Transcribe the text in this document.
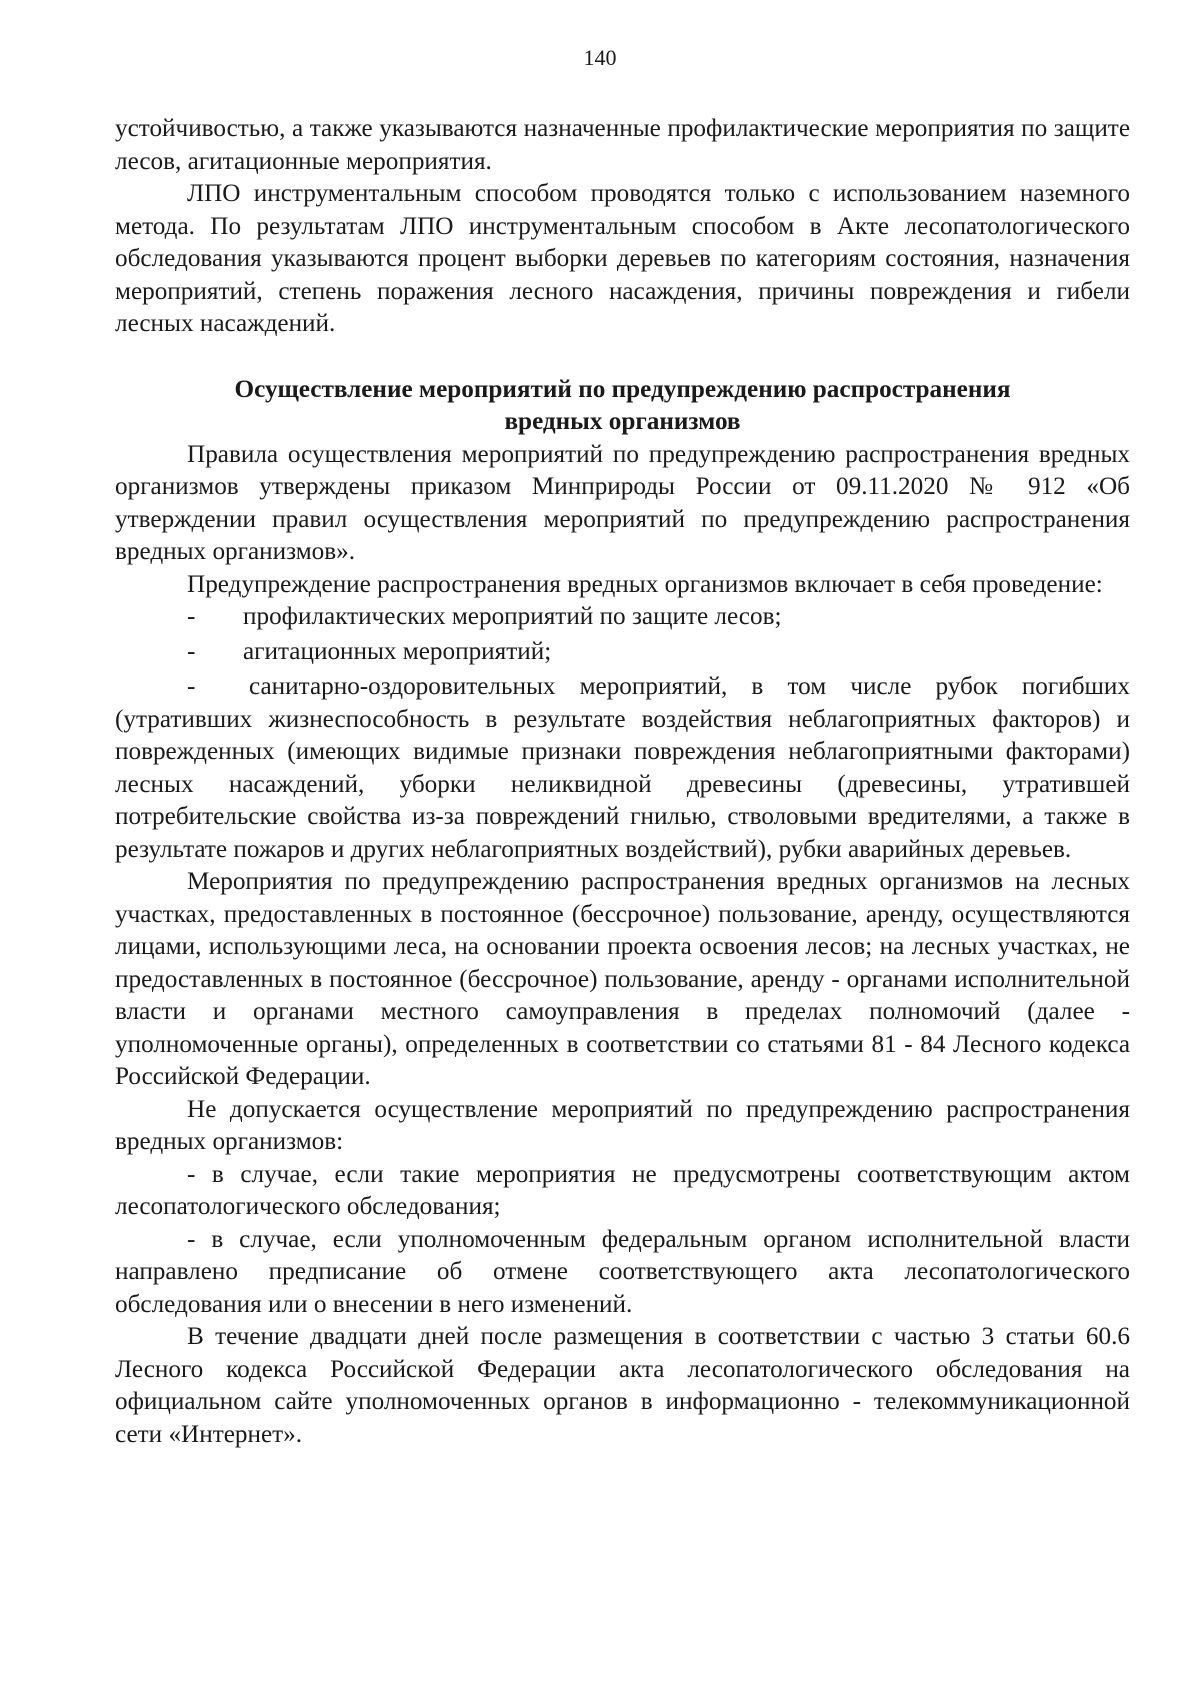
140

устойчивостью, а также указываются назначенные профилактические мероприятия по защите лесов, агитационные мероприятия.

ЛПО инструментальным способом проводятся только с использованием наземного метода. По результатам ЛПО инструментальным способом в Акте лесопатологического обследования указываются процент выборки деревьев по категориям состояния, назначения мероприятий, степень поражения лесного насаждения, причины повреждения и гибели лесных насаждений.

Осуществление мероприятий по предупреждению распространения
вредных организмов

Правила осуществления мероприятий по предупреждению распространения вредных организмов утверждены приказом Минприроды России от 09.11.2020 № 912 «Об утверждении правил осуществления мероприятий по предупреждению распространения вредных организмов».

Предупреждение распространения вредных организмов включает в себя проведение:

-	профилактических мероприятий по защите лесов;
-	агитационных мероприятий;

- санитарно-оздоровительных мероприятий, в том числе рубок погибших (утративших жизнеспособность в результате воздействия неблагоприятных факторов) и поврежденных (имеющих видимые признаки повреждения неблагоприятными факторами) лесных насаждений, уборки неликвидной древесины (древесины, утратившей потребительские свойства из-за повреждений гнилью, стволовыми вредителями, а также в результате пожаров и других неблагоприятных воздействий), рубки аварийных деревьев.

Мероприятия по предупреждению распространения вредных организмов на лесных участках, предоставленных в постоянное (бессрочное) пользование, аренду, осуществляются лицами, использующими леса, на основании проекта освоения лесов; на лесных участках, не предоставленных в постоянное (бессрочное) пользование, аренду - органами исполнительной власти и органами местного самоуправления в пределах полномочий (далее - уполномоченные органы), определенных в соответствии со статьями 81 - 84 Лесного кодекса Российской Федерации.

Не допускается осуществление мероприятий по предупреждению распространения вредных организмов:

- в случае, если такие мероприятия не предусмотрены соответствующим актом лесопатологического обследования;

- в случае, если уполномоченным федеральным органом исполнительной власти направлено предписание об отмене соответствующего акта лесопатологического обследования или о внесении в него изменений.

В течение двадцати дней после размещения в соответствии с частью 3 статьи 60.6 Лесного кодекса Российской Федерации акта лесопатологического обследования на официальном сайте уполномоченных органов в информационно - телекоммуникационной сети «Интернет».
